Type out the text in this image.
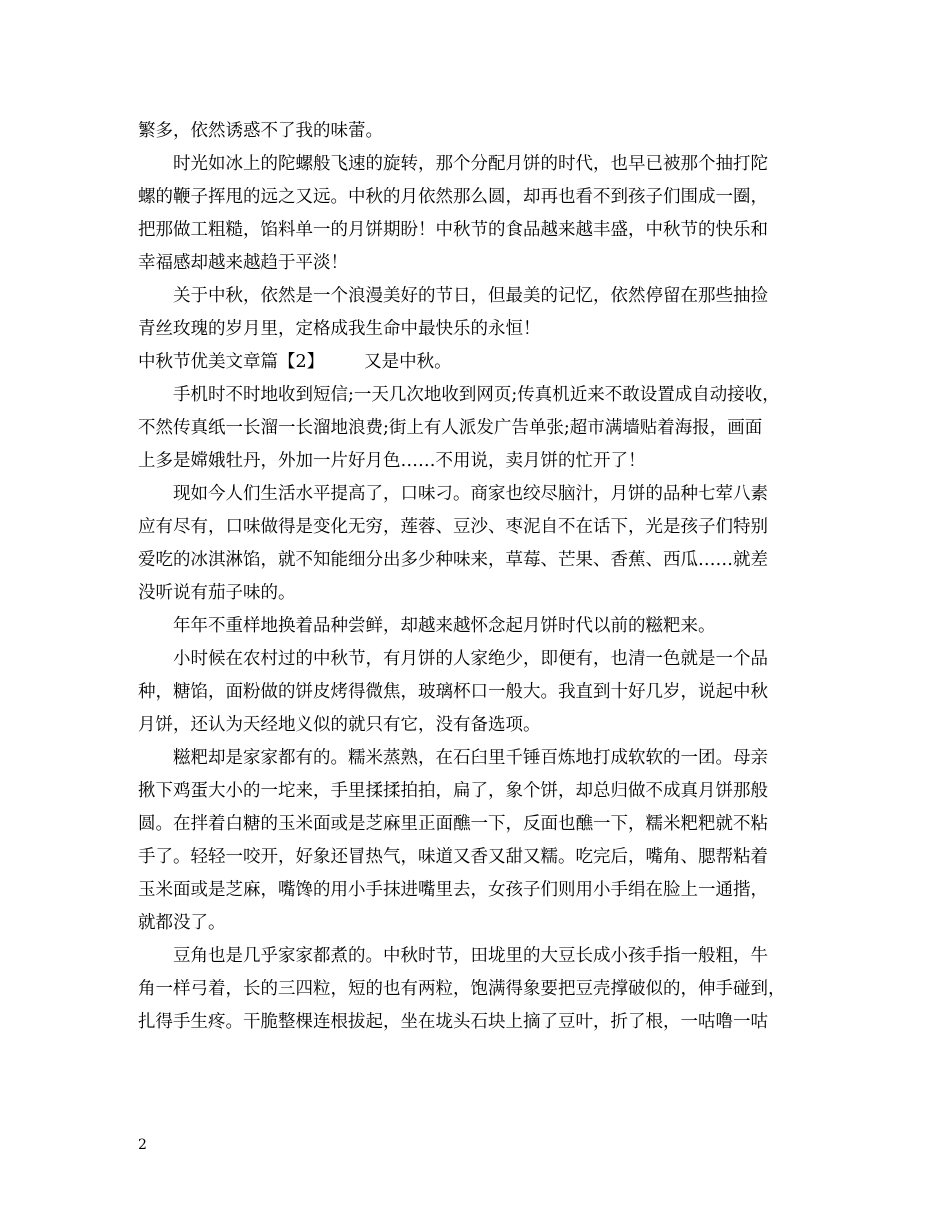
繁多，依然诱惑不了我的味蕾。

时光如冰上的陀螺般飞速的旋转，那个分配月饼的时代，也早已被那个抽打陀

螺的鞭子挥甩的远之又远。中秋的月依然那么圆，却再也看不到孩子们围成一圈，

把那做工粗糙，馅料单一的月饼期盼！中秋节的食品越来越丰盛，中秋节的快乐和

幸福感却越来越趋于平淡！

关于中秋，依然是一个浪漫美好的节日，但最美的记忆，依然停留在那些抽捡

青丝玫瑰的岁月里，定格成我生命中最快乐的永恒！

中秋节优美文章篇【2】 又是中秋。

手机时不时地收到短信;一天几次地收到网页;传真机近来不敢设置成自动接收，

不然传真纸一长溜一长溜地浪费;街上有人派发广告单张;超市满墙贴着海报，画面

上多是嫦娥牡丹，外加一片好月色……不用说，卖月饼的忙开了！

现如今人们生活水平提高了，口味刁。商家也绞尽脑汁，月饼的品种七荤八素

应有尽有，口味做得是变化无穷，莲蓉、豆沙、枣泥自不在话下，光是孩子们特别

爱吃的冰淇淋馅，就不知能细分出多少种味来，草莓、芒果、香蕉、西瓜……就差

没听说有茄子味的。

年年不重样地换着品种尝鲜，却越来越怀念起月饼时代以前的糍粑来。

小时候在农村过的中秋节，有月饼的人家绝少，即便有，也清一色就是一个品

种，糖馅，面粉做的饼皮烤得微焦，玻璃杯口一般大。我直到十好几岁，说起中秋

月饼，还认为天经地义似的就只有它，没有备选项。

糍粑却是家家都有的。糯米蒸熟，在石臼里千锤百炼地打成软软的一团。母亲

揪下鸡蛋大小的一坨来，手里揉揉拍拍，扁了，象个饼，却总归做不成真月饼那般

圆。在拌着白糖的玉米面或是芝麻里正面醮一下，反面也醮一下，糯米粑粑就不粘

手了。轻轻一咬开，好象还冒热气，味道又香又甜又糯。吃完后，嘴角、腮帮粘着

玉米面或是芝麻，嘴馋的用小手抹进嘴里去，女孩子们则用小手绢在脸上一通揩，

就都没了。

豆角也是几乎家家都煮的。中秋时节，田垅里的大豆长成小孩手指一般粗，牛

角一样弓着，长的三四粒，短的也有两粒，饱满得象要把豆壳撑破似的，伸手碰到，

扎得手生疼。干脆整棵连根拔起，坐在垅头石块上摘了豆叶，折了根，一咕噜一咕

2
